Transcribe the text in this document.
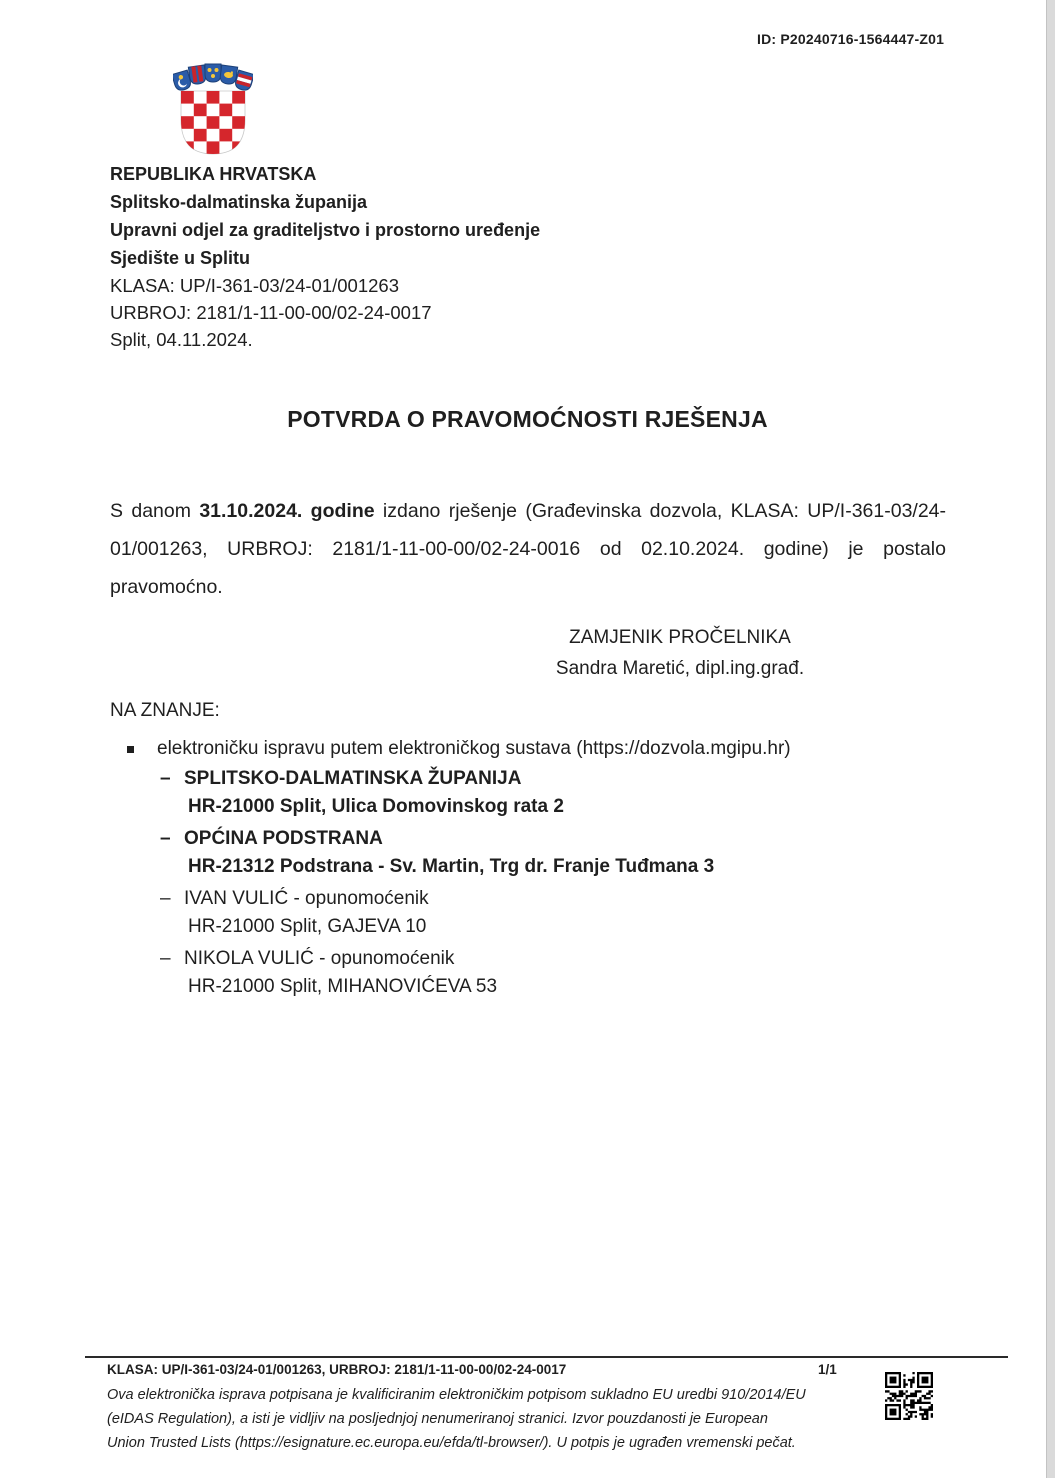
ID: P20240716-1564447-Z01
REPUBLIKA HRVATSKA
Splitsko-dalmatinska županija
Upravni odjel za graditeljstvo i prostorno uređenje
Sjedište u Splitu
KLASA: UP/I-361-03/24-01/001263
URBROJ: 2181/1-11-00-00/02-24-0017
Split, 04.11.2024.
POTVRDA O PRAVOMOĆNOSTI RJEŠENJA
S danom 31.10.2024. godine izdano rješenje (Građevinska dozvola, KLASA: UP/I-361-03/24-01/001263, URBROJ: 2181/1-11-00-00/02-24-0016 od 02.10.2024. godine) je postalo pravomoćno.
ZAMJENIK PROČELNIKA
Sandra Maretić, dipl.ing.građ.
NA ZNANJE:
elektroničku ispravu putem elektroničkog sustava (https://dozvola.mgipu.hr)
– SPLITSKO-DALMATINSKA ŽUPANIJA
HR-21000 Split, Ulica Domovinskog rata 2
– OPĆINA PODSTRANA
HR-21312 Podstrana - Sv. Martin, Trg dr. Franje Tuđmana 3
– IVAN VULIĆ - opunomoćenik
HR-21000 Split, GAJEVA 10
– NIKOLA VULIĆ - opunomoćenik
HR-21000 Split, MIHANOVIĆEVA 53
KLASA: UP/I-361-03/24-01/001263, URBROJ: 2181/1-11-00-00/02-24-0017	1/1
Ova elektronička isprava potpisana je kvalificiranim elektroničkim potpisom sukladno EU uredbi 910/2014/EU (eIDAS Regulation), a isti je vidljiv na posljednjoj nenumeriranoj stranici. Izvor pouzdanosti je European Union Trusted Lists (https://esignature.ec.europa.eu/efda/tl-browser/). U potpis je ugrađen vremenski pečat.
